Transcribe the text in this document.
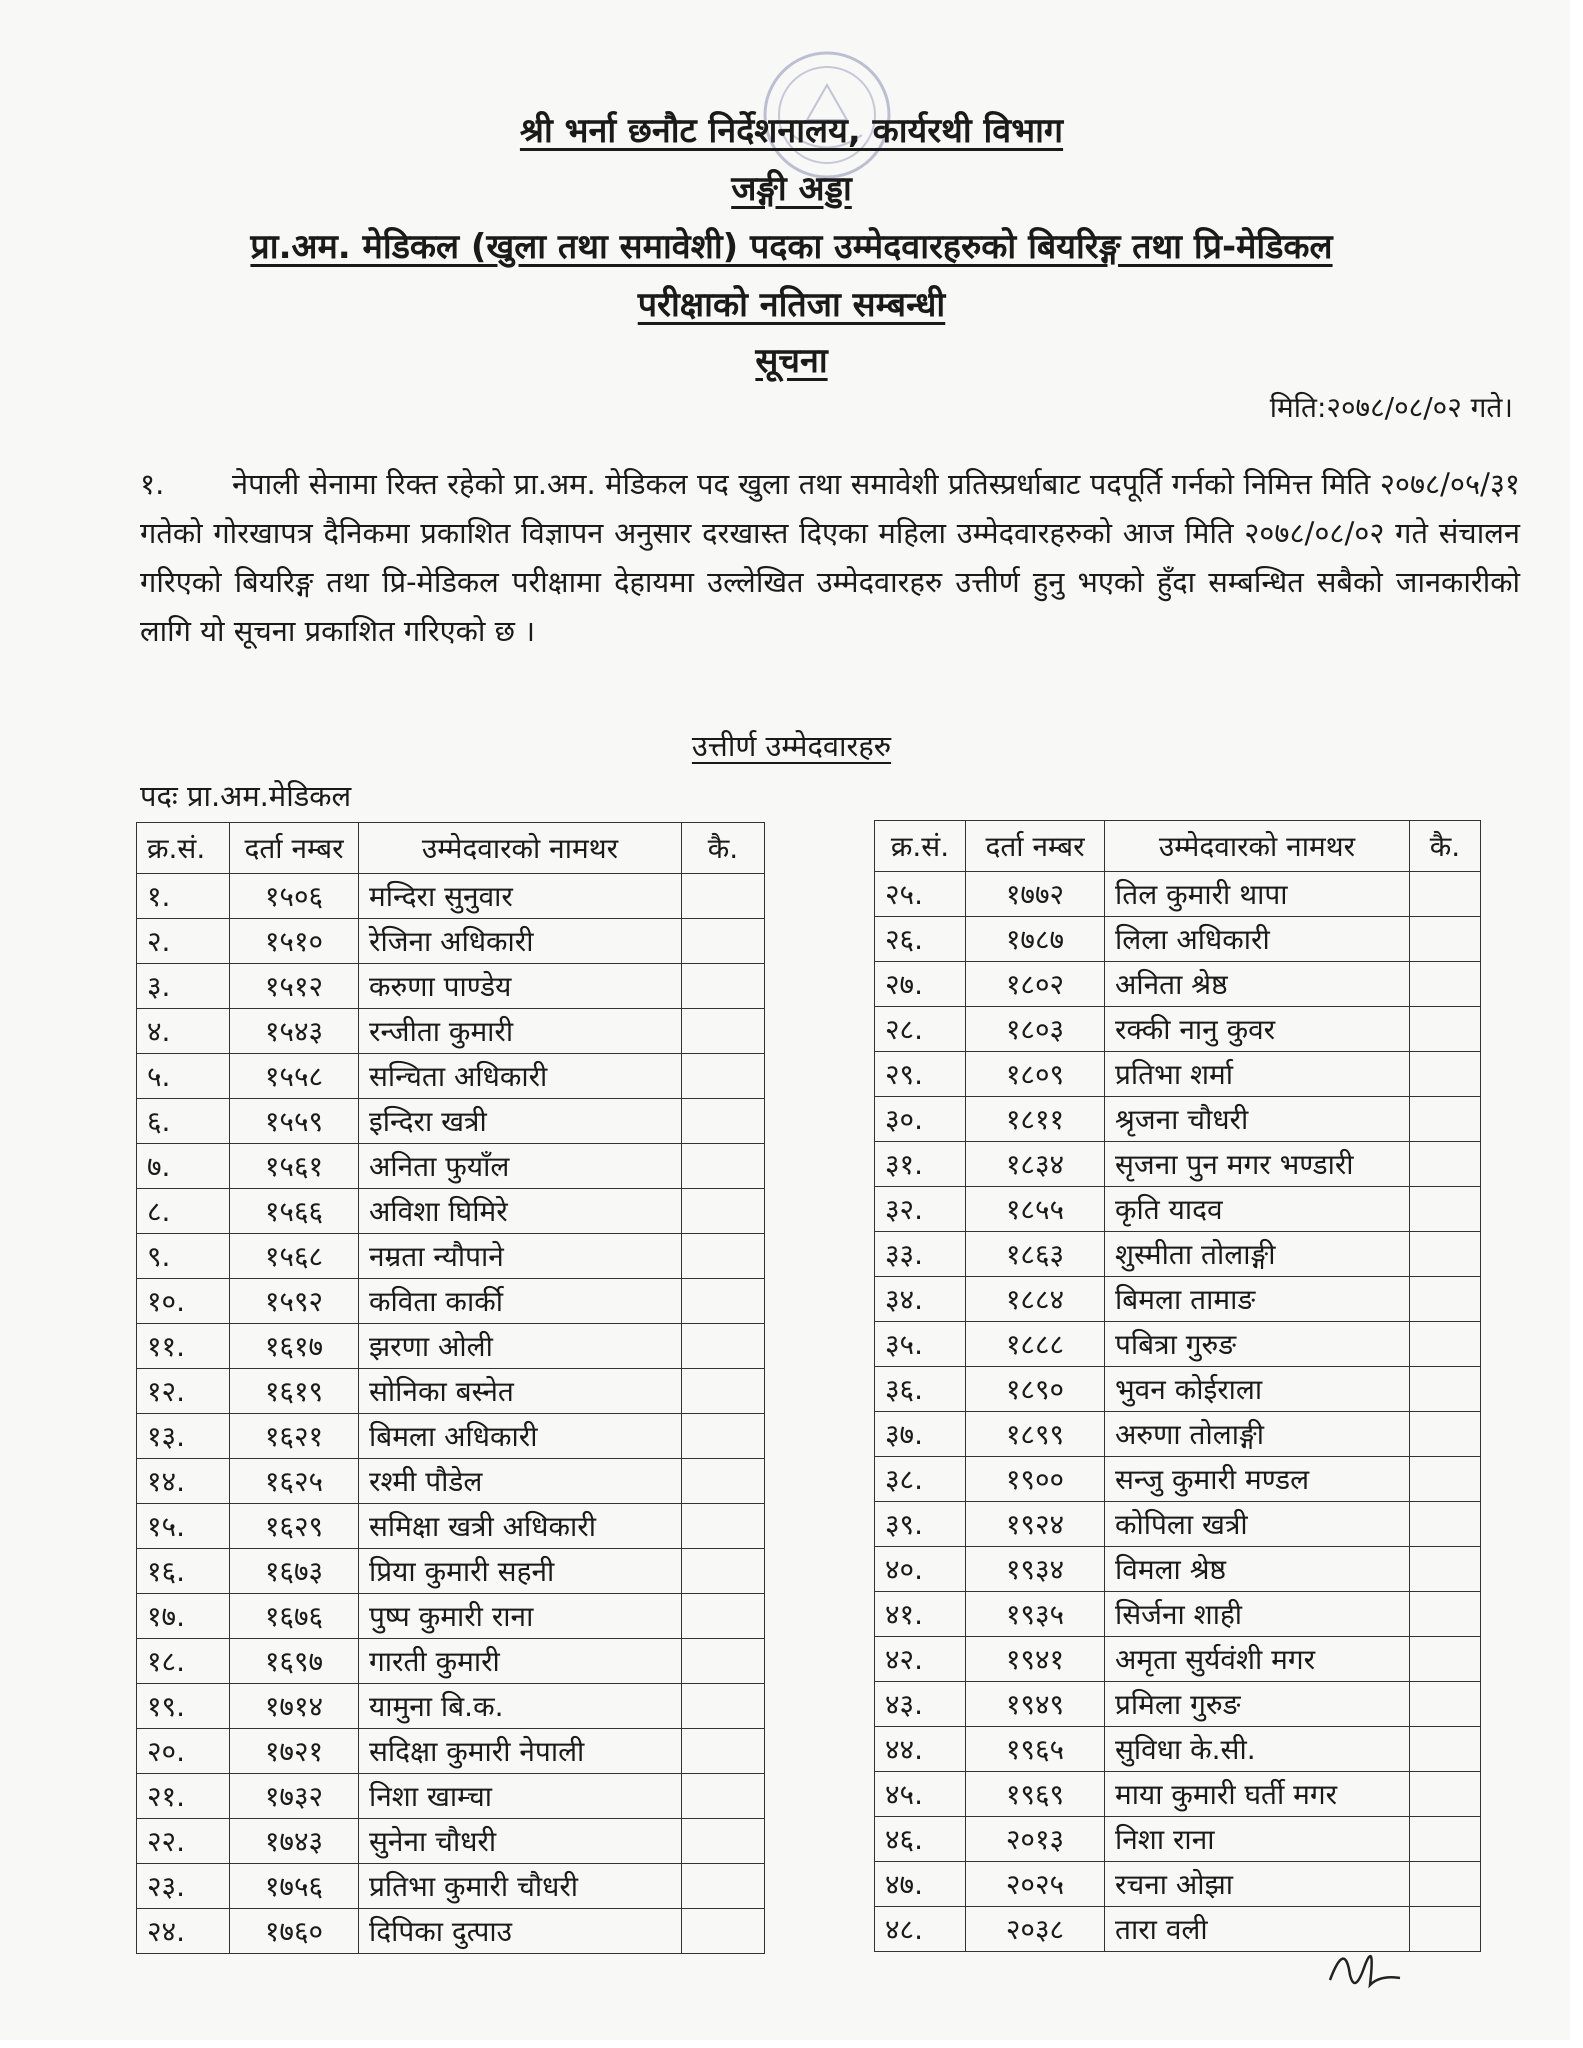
श्री भर्ना छनौट निर्देशनालय, कार्यरथी विभाग
जङ्गी अड्डा
प्रा.अम. मेडिकल (खुला तथा समावेशी) पदका उम्मेदवारहरुको बियरिङ्ग तथा प्रि-मेडिकल
परीक्षाको नतिजा सम्बन्धी
सूचना
मिति:२०७८/०८/०२ गते।
१. नेपाली सेनामा रिक्त रहेको प्रा.अम. मेडिकल पद खुला तथा समावेशी प्रतिस्प्रर्धाबाट पदपूर्ति गर्नको निमित्त मिति २०७८/०५/३१ गतेको गोरखापत्र दैनिकमा प्रकाशित विज्ञापन अनुसार दरखास्त दिएका महिला उम्मेदवारहरुको आज मिति २०७८/०८/०२ गते संचालन गरिएको बियरिङ्ग तथा प्रि-मेडिकल परीक्षामा देहायमा उल्लेखित उम्मेदवारहरु उत्तीर्ण हुनु भएको हुँदा सम्बन्धित सबैको जानकारीको लागि यो सूचना प्रकाशित गरिएको छ ।
उत्तीर्ण उम्मेदवारहरु
पदः प्रा.अम.मेडिकल
क्र.सं.	दर्ता नम्बर	उम्मेदवारको नामथर	कै.
१.	१५०६	मन्दिरा सुनुवार	
२.	१५१०	रेजिना अधिकारी	
३.	१५१२	करुणा पाण्डेय	
४.	१५४३	रन्जीता कुमारी	
५.	१५५८	सन्चिता अधिकारी	
६.	१५५९	इन्दिरा खत्री	
७.	१५६१	अनिता फुयाँल	
८.	१५६६	अविशा घिमिरे	
९.	१५६८	नम्रता न्यौपाने	
१०.	१५९२	कविता कार्की	
११.	१६१७	झरणा ओली	
१२.	१६१९	सोनिका बस्नेत	
१३.	१६२१	बिमला अधिकारी	
१४.	१६२५	रश्मी पौडेल	
१५.	१६२९	समिक्षा खत्री अधिकारी	
१६.	१६७३	प्रिया कुमारी सहनी	
१७.	१६७६	पुष्प कुमारी राना	
१८.	१६९७	गारती कुमारी	
१९.	१७१४	यामुना बि.क.	
२०.	१७२१	सदिक्षा कुमारी नेपाली	
२१.	१७३२	निशा खाम्चा	
२२.	१७४३	सुनेना चौधरी	
२३.	१७५६	प्रतिभा कुमारी चौधरी	
२४.	१७६०	दिपिका दुत्पाउ	
क्र.सं.	दर्ता नम्बर	उम्मेदवारको नामथर	कै.
२५.	१७७२	तिल कुमारी थापा	
२६.	१७८७	लिला अधिकारी	
२७.	१८०२	अनिता श्रेष्ठ	
२८.	१८०३	रक्की नानु कुवर	
२९.	१८०९	प्रतिभा शर्मा	
३०.	१८११	श्रृजना चौधरी	
३१.	१८३४	सृजना पुन मगर भण्डारी	
३२.	१८५५	कृति यादव	
३३.	१८६३	शुस्मीता तोलाङ्गी	
३४.	१८८४	बिमला तामाङ	
३५.	१८८८	पबित्रा गुरुङ	
३६.	१८९०	भुवन कोईराला	
३७.	१८९९	अरुणा तोलाङ्गी	
३८.	१९००	सन्जु कुमारी मण्डल	
३९.	१९२४	कोपिला खत्री	
४०.	१९३४	विमला श्रेष्ठ	
४१.	१९३५	सिर्जना शाही	
४२.	१९४१	अमृता सुर्यवंशी मगर	
४३.	१९४९	प्रमिला गुरुङ	
४४.	१९६५	सुविधा के.सी.	
४५.	१९६९	माया कुमारी घर्ती मगर	
४६.	२०१३	निशा राना	
४७.	२०२५	रचना ओझा	
४८.	२०३८	तारा वली	
